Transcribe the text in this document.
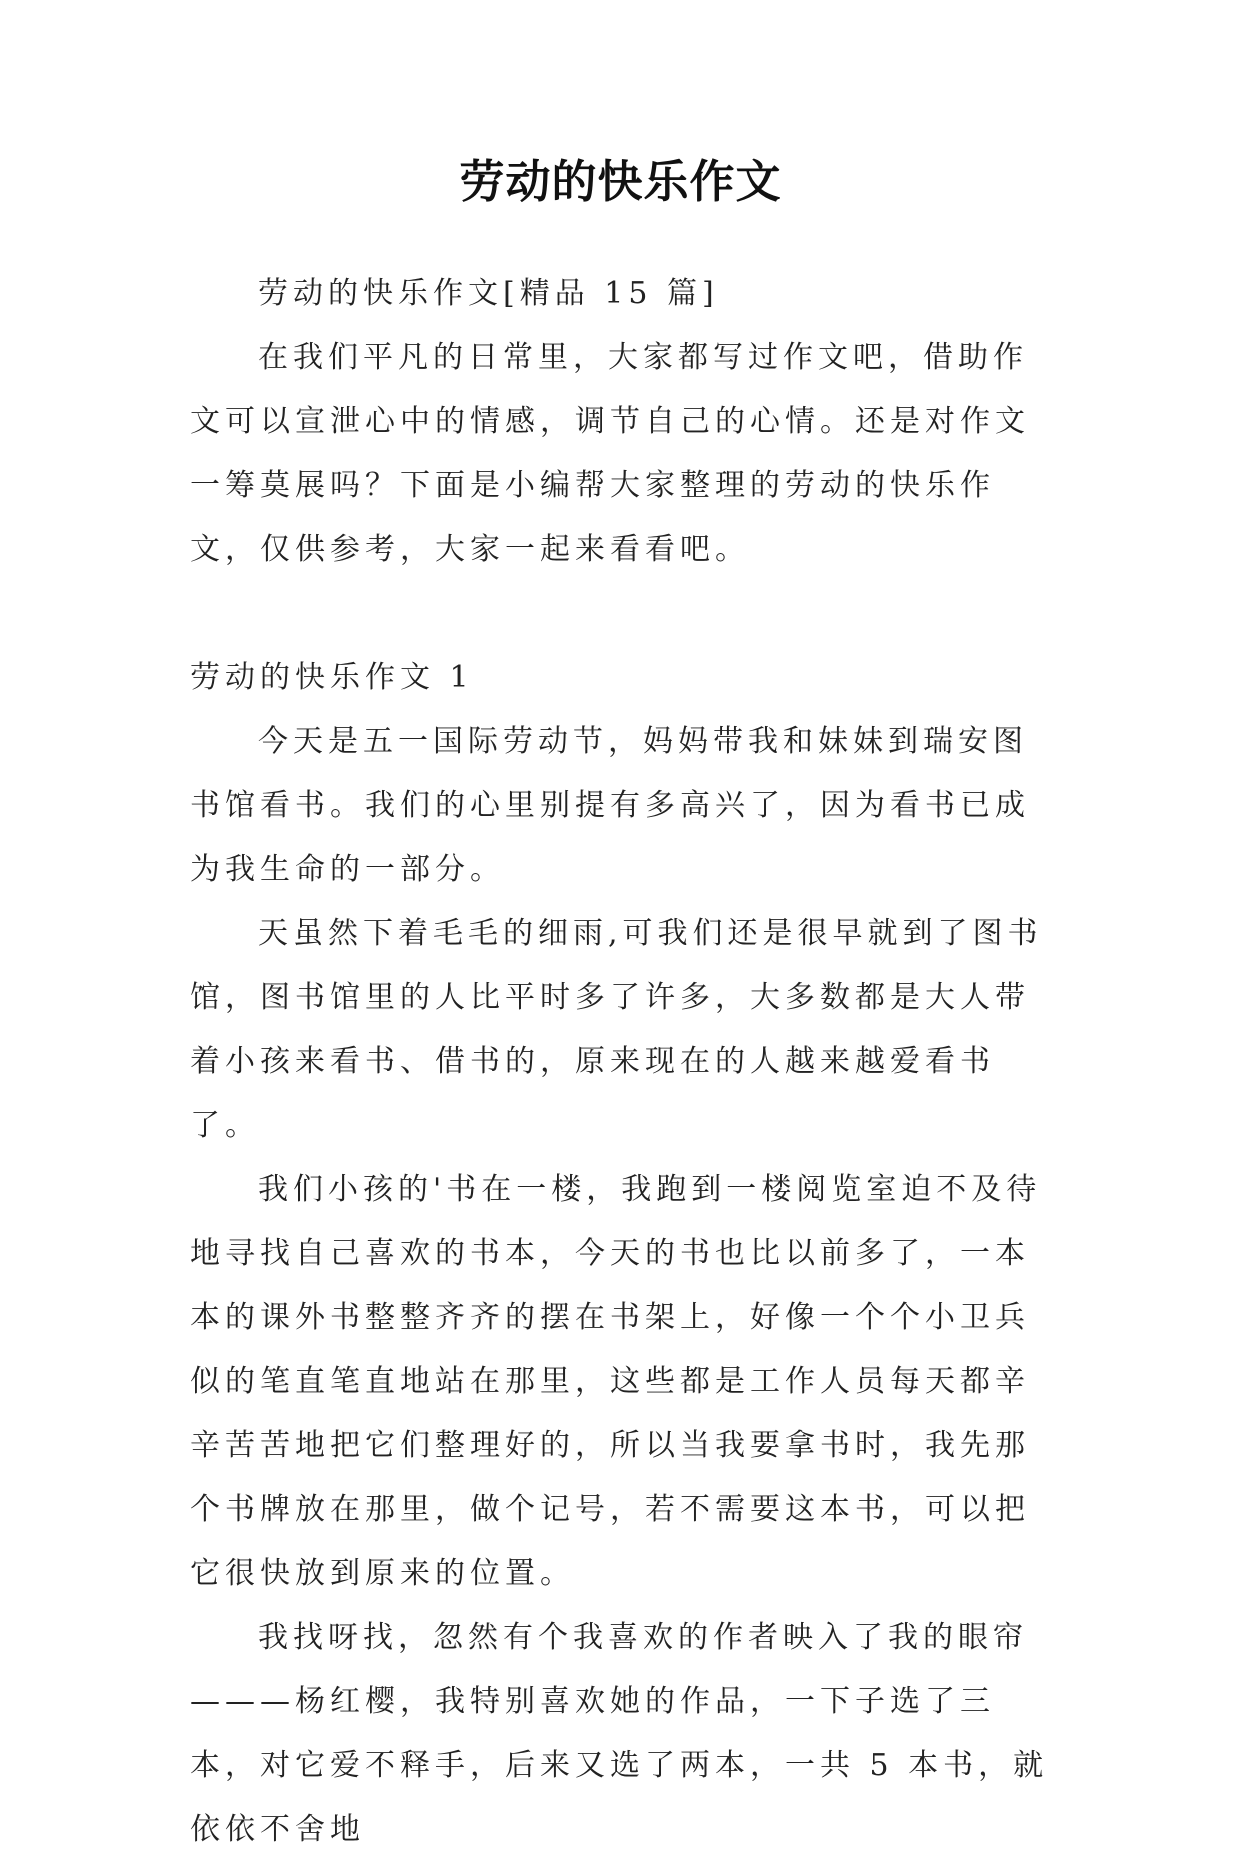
劳动的快乐作文

劳动的快乐作文[精品 15 篇]

在我们平凡的日常里，大家都写过作文吧，借助作文可以宣泄心中的情感，调节自己的心情。还是对作文一筹莫展吗？下面是小编帮大家整理的劳动的快乐作文，仅供参考，大家一起来看看吧。

劳动的快乐作文 1

今天是五一国际劳动节，妈妈带我和妹妹到瑞安图书馆看书。我们的心里别提有多高兴了，因为看书已成为我生命的一部分。

天虽然下着毛毛的细雨,可我们还是很早就到了图书馆，图书馆里的人比平时多了许多，大多数都是大人带着小孩来看书、借书的，原来现在的人越来越爱看书了。

我们小孩的'书在一楼，我跑到一楼阅览室迫不及待地寻找自己喜欢的书本，今天的书也比以前多了，一本本的课外书整整齐齐的摆在书架上，好像一个个小卫兵似的笔直笔直地站在那里，这些都是工作人员每天都辛辛苦苦地把它们整理好的，所以当我要拿书时，我先那个书牌放在那里，做个记号，若不需要这本书，可以把它很快放到原来的位置。

我找呀找，忽然有个我喜欢的作者映入了我的眼帘———杨红樱，我特别喜欢她的作品，一下子选了三本，对它爱不释手，后来又选了两本，一共 5 本书，就依依不舍地
